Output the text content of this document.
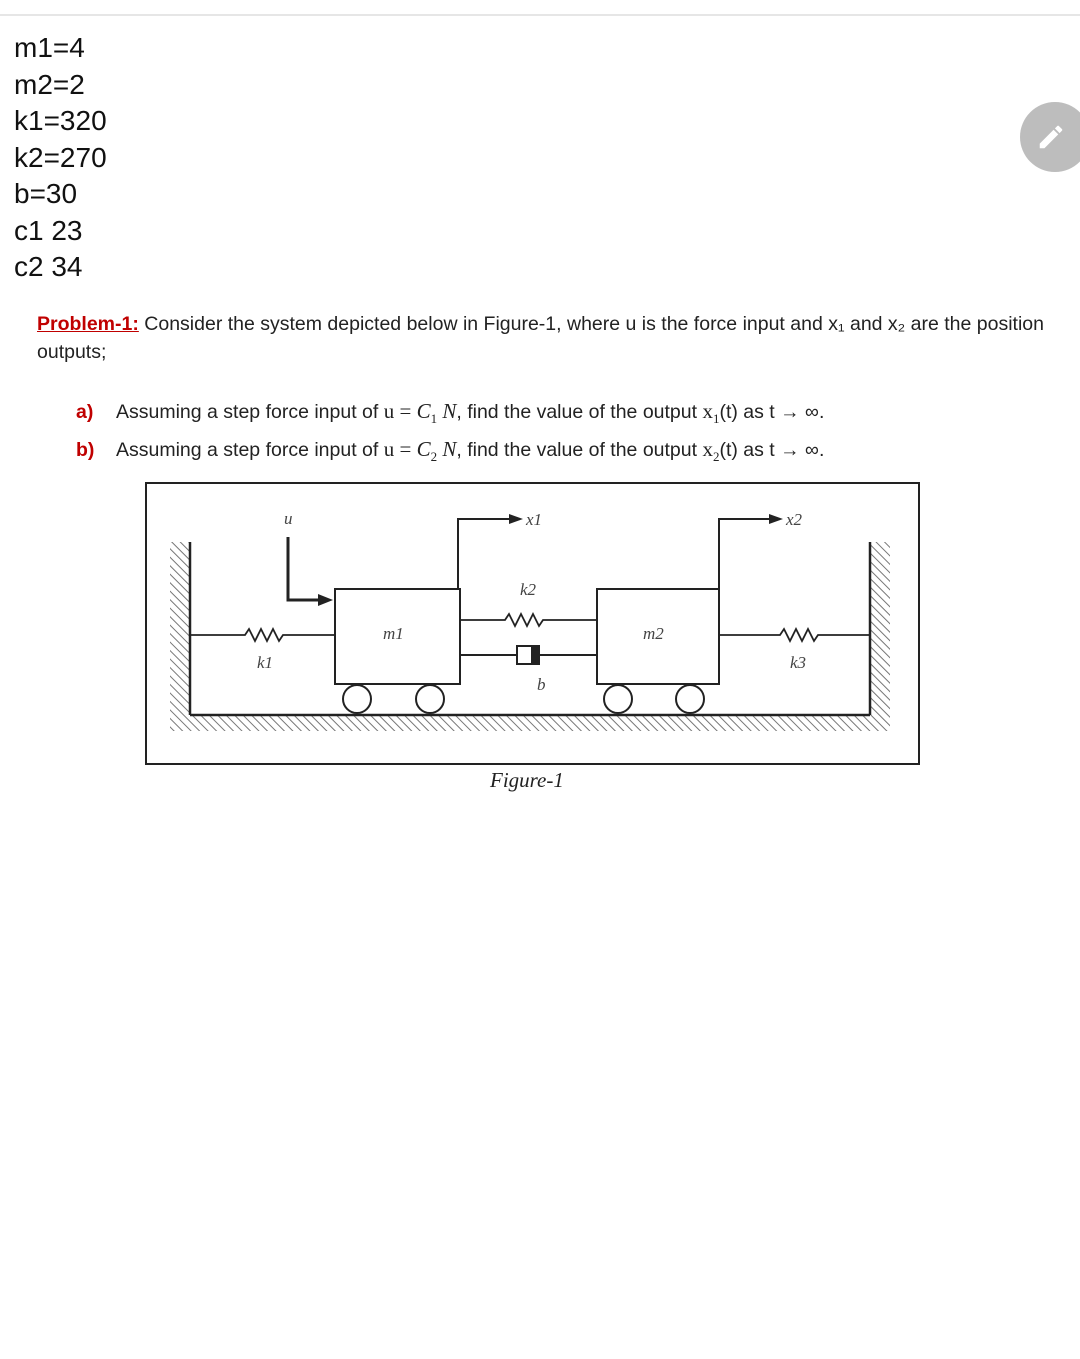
m1=4
m2=2
k1=320
k2=270
b=30
c1 23
c2 34
Problem-1: Consider the system depicted below in Figure-1, where u is the force input and x₁ and x₂ are the position outputs;
a) Assuming a step force input of $u = C_1$ N, find the value of the output $x_1(t)$ as t → ∞.
b) Assuming a step force input of $u = C_2$ N, find the value of the output $x_2(t)$ as t → ∞.
u	x1	x2
k2
k1	k3
m1	m2
b
Figure-1
